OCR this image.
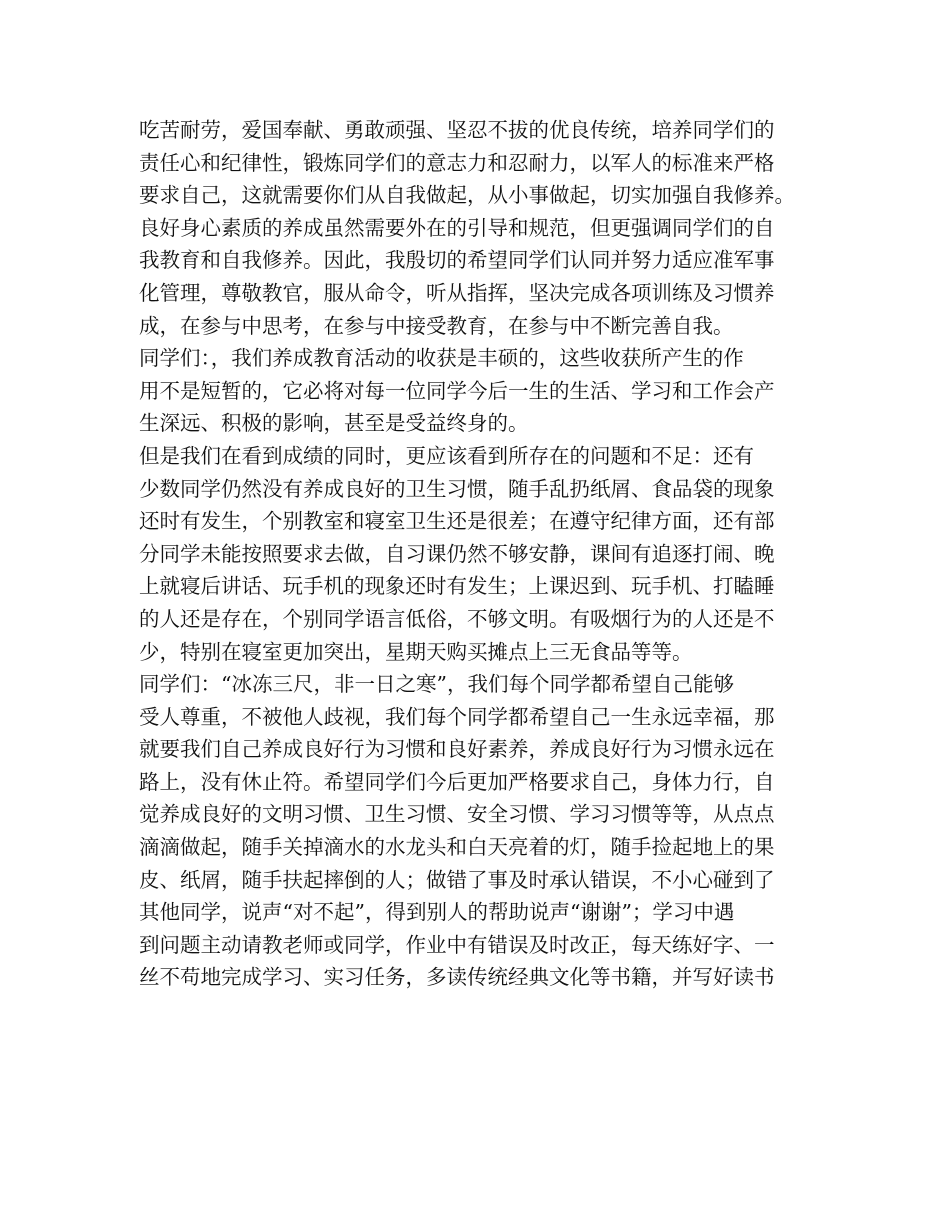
吃苦耐劳，爱国奉献、勇敢顽强、坚忍不拔的优良传统，培养同学们的
责任心和纪律性，锻炼同学们的意志力和忍耐力，以军人的标准来严格
要求自己，这就需要你们从自我做起，从小事做起，切实加强自我修养。
良好身心素质的养成虽然需要外在的引导和规范，但更强调同学们的自
我教育和自我修养。因此，我殷切的希望同学们认同并努力适应准军事
化管理，尊敬教官，服从命令，听从指挥，坚决完成各项训练及习惯养
成，在参与中思考，在参与中接受教育，在参与中不断完善自我。
同学们：，我们养成教育活动的收获是丰硕的，这些收获所产生的作
用不是短暂的，它必将对每一位同学今后一生的生活、学习和工作会产
生深远、积极的影响，甚至是受益终身的。
但是我们在看到成绩的同时，更应该看到所存在的问题和不足：还有
少数同学仍然没有养成良好的卫生习惯，随手乱扔纸屑、食品袋的现象
还时有发生，个别教室和寝室卫生还是很差；在遵守纪律方面，还有部
分同学未能按照要求去做，自习课仍然不够安静，课间有追逐打闹、晚
上就寝后讲话、玩手机的现象还时有发生；上课迟到、玩手机、打瞌睡
的人还是存在，个别同学语言低俗，不够文明。有吸烟行为的人还是不
少，特别在寝室更加突出，星期天购买摊点上三无食品等等。
同学们：“冰冻三尺，非一日之寒”，我们每个同学都希望自己能够
受人尊重，不被他人歧视，我们每个同学都希望自己一生永远幸福，那
就要我们自己养成良好行为习惯和良好素养，养成良好行为习惯永远在
路上，没有休止符。希望同学们今后更加严格要求自己，身体力行，自
觉养成良好的文明习惯、卫生习惯、安全习惯、学习习惯等等，从点点
滴滴做起，随手关掉滴水的水龙头和白天亮着的灯，随手捡起地上的果
皮、纸屑，随手扶起摔倒的人；做错了事及时承认错误，不小心碰到了
其他同学，说声“对不起”，得到别人的帮助说声“谢谢”；学习中遇
到问题主动请教老师或同学，作业中有错误及时改正，每天练好字、一
丝不苟地完成学习、实习任务，多读传统经典文化等书籍，并写好读书
